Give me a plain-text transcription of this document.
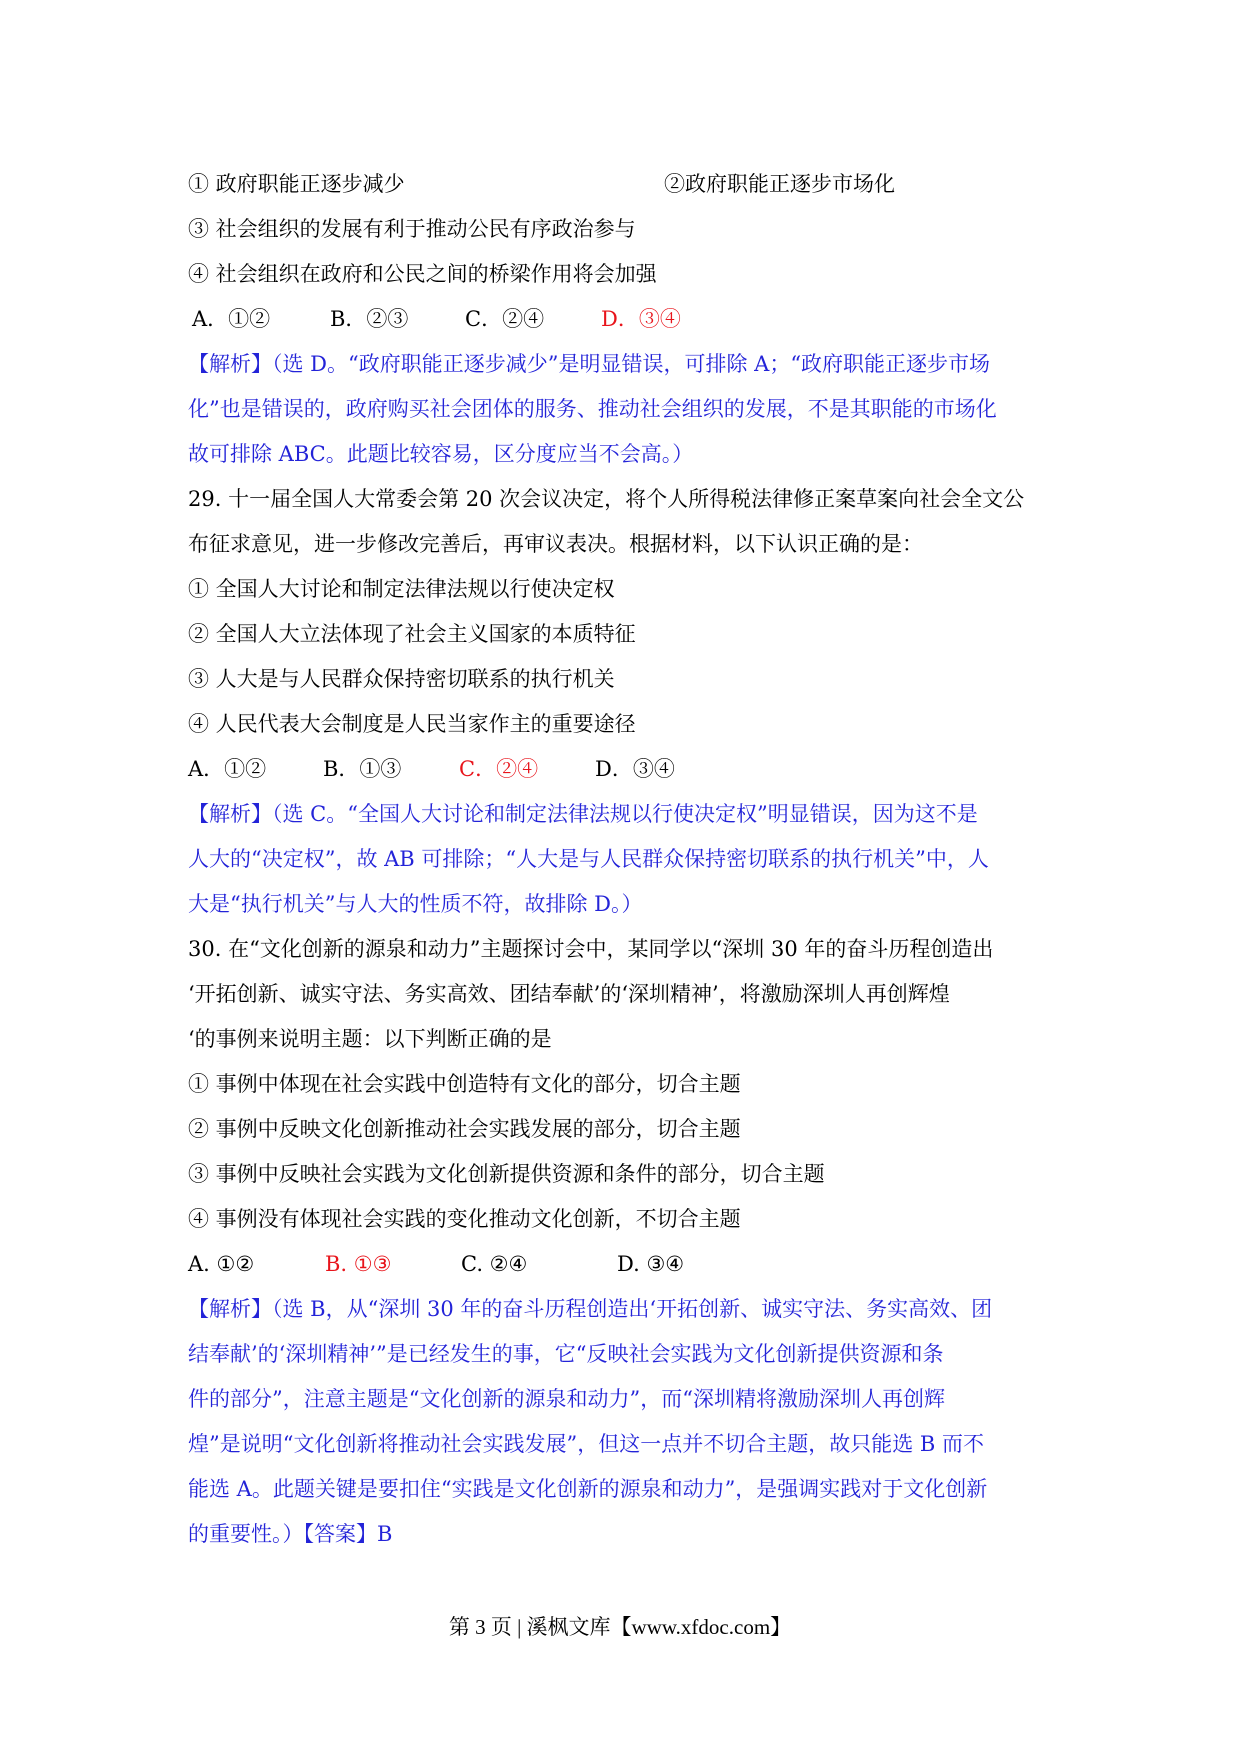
① 政府职能正逐步减少	②政府职能正逐步市场化
③ 社会组织的发展有利于推动公民有序政治参与
④ 社会组织在政府和公民之间的桥梁作用将会加强
A．①②	B．②③	C．②④	D．③④
【解析】（选 D。“政府职能正逐步减少”是明显错误，可排除 A；“政府职能正逐步市场
化”也是错误的，政府购买社会团体的服务、推动社会组织的发展，不是其职能的市场化
故可排除 ABC。此题比较容易，区分度应当不会高。）
29. 十一届全国人大常委会第 20 次会议决定，将个人所得税法律修正案草案向社会全文公
布征求意见，进一步修改完善后，再审议表决。根据材料，以下认识正确的是：
① 全国人大讨论和制定法律法规以行使决定权
② 全国人大立法体现了社会主义国家的本质特征
③ 人大是与人民群众保持密切联系的执行机关
④ 人民代表大会制度是人民当家作主的重要途径
A．①②	B．①③	C．②④	D．③④
【解析】（选 C。“全国人大讨论和制定法律法规以行使决定权”明显错误，因为这不是
人大的“决定权”，故 AB 可排除；“人大是与人民群众保持密切联系的执行机关”中，人
大是“执行机关”与人大的性质不符，故排除 D。）
30. 在“文化创新的源泉和动力”主题探讨会中，某同学以“深圳 30 年的奋斗历程创造出
‘开拓创新、诚实守法、务实高效、团结奉献’的‘深圳精神’，将激励深圳人再创辉煌
‘的事例来说明主题：以下判断正确的是
① 事例中体现在社会实践中创造特有文化的部分，切合主题
② 事例中反映文化创新推动社会实践发展的部分，切合主题
③ 事例中反映社会实践为文化创新提供资源和条件的部分，切合主题
④ 事例没有体现社会实践的变化推动文化创新，不切合主题
A. ①②	B. ①③	C. ②④	D. ③④
【解析】（选 B，从“深圳 30 年的奋斗历程创造出‘开拓创新、诚实守法、务实高效、团
结奉献’的‘深圳精神’”是已经发生的事，它“反映社会实践为文化创新提供资源和条
件的部分”，注意主题是“文化创新的源泉和动力”，而“深圳精将激励深圳人再创辉
煌”是说明“文化创新将推动社会实践发展”，但这一点并不切合主题，故只能选 B 而不
能选 A。此题关键是要扣住“实践是文化创新的源泉和动力”，是强调实践对于文化创新
的重要性。）【答案】B
第 3 页 | 溪枫文库【www.xfdoc.com】
